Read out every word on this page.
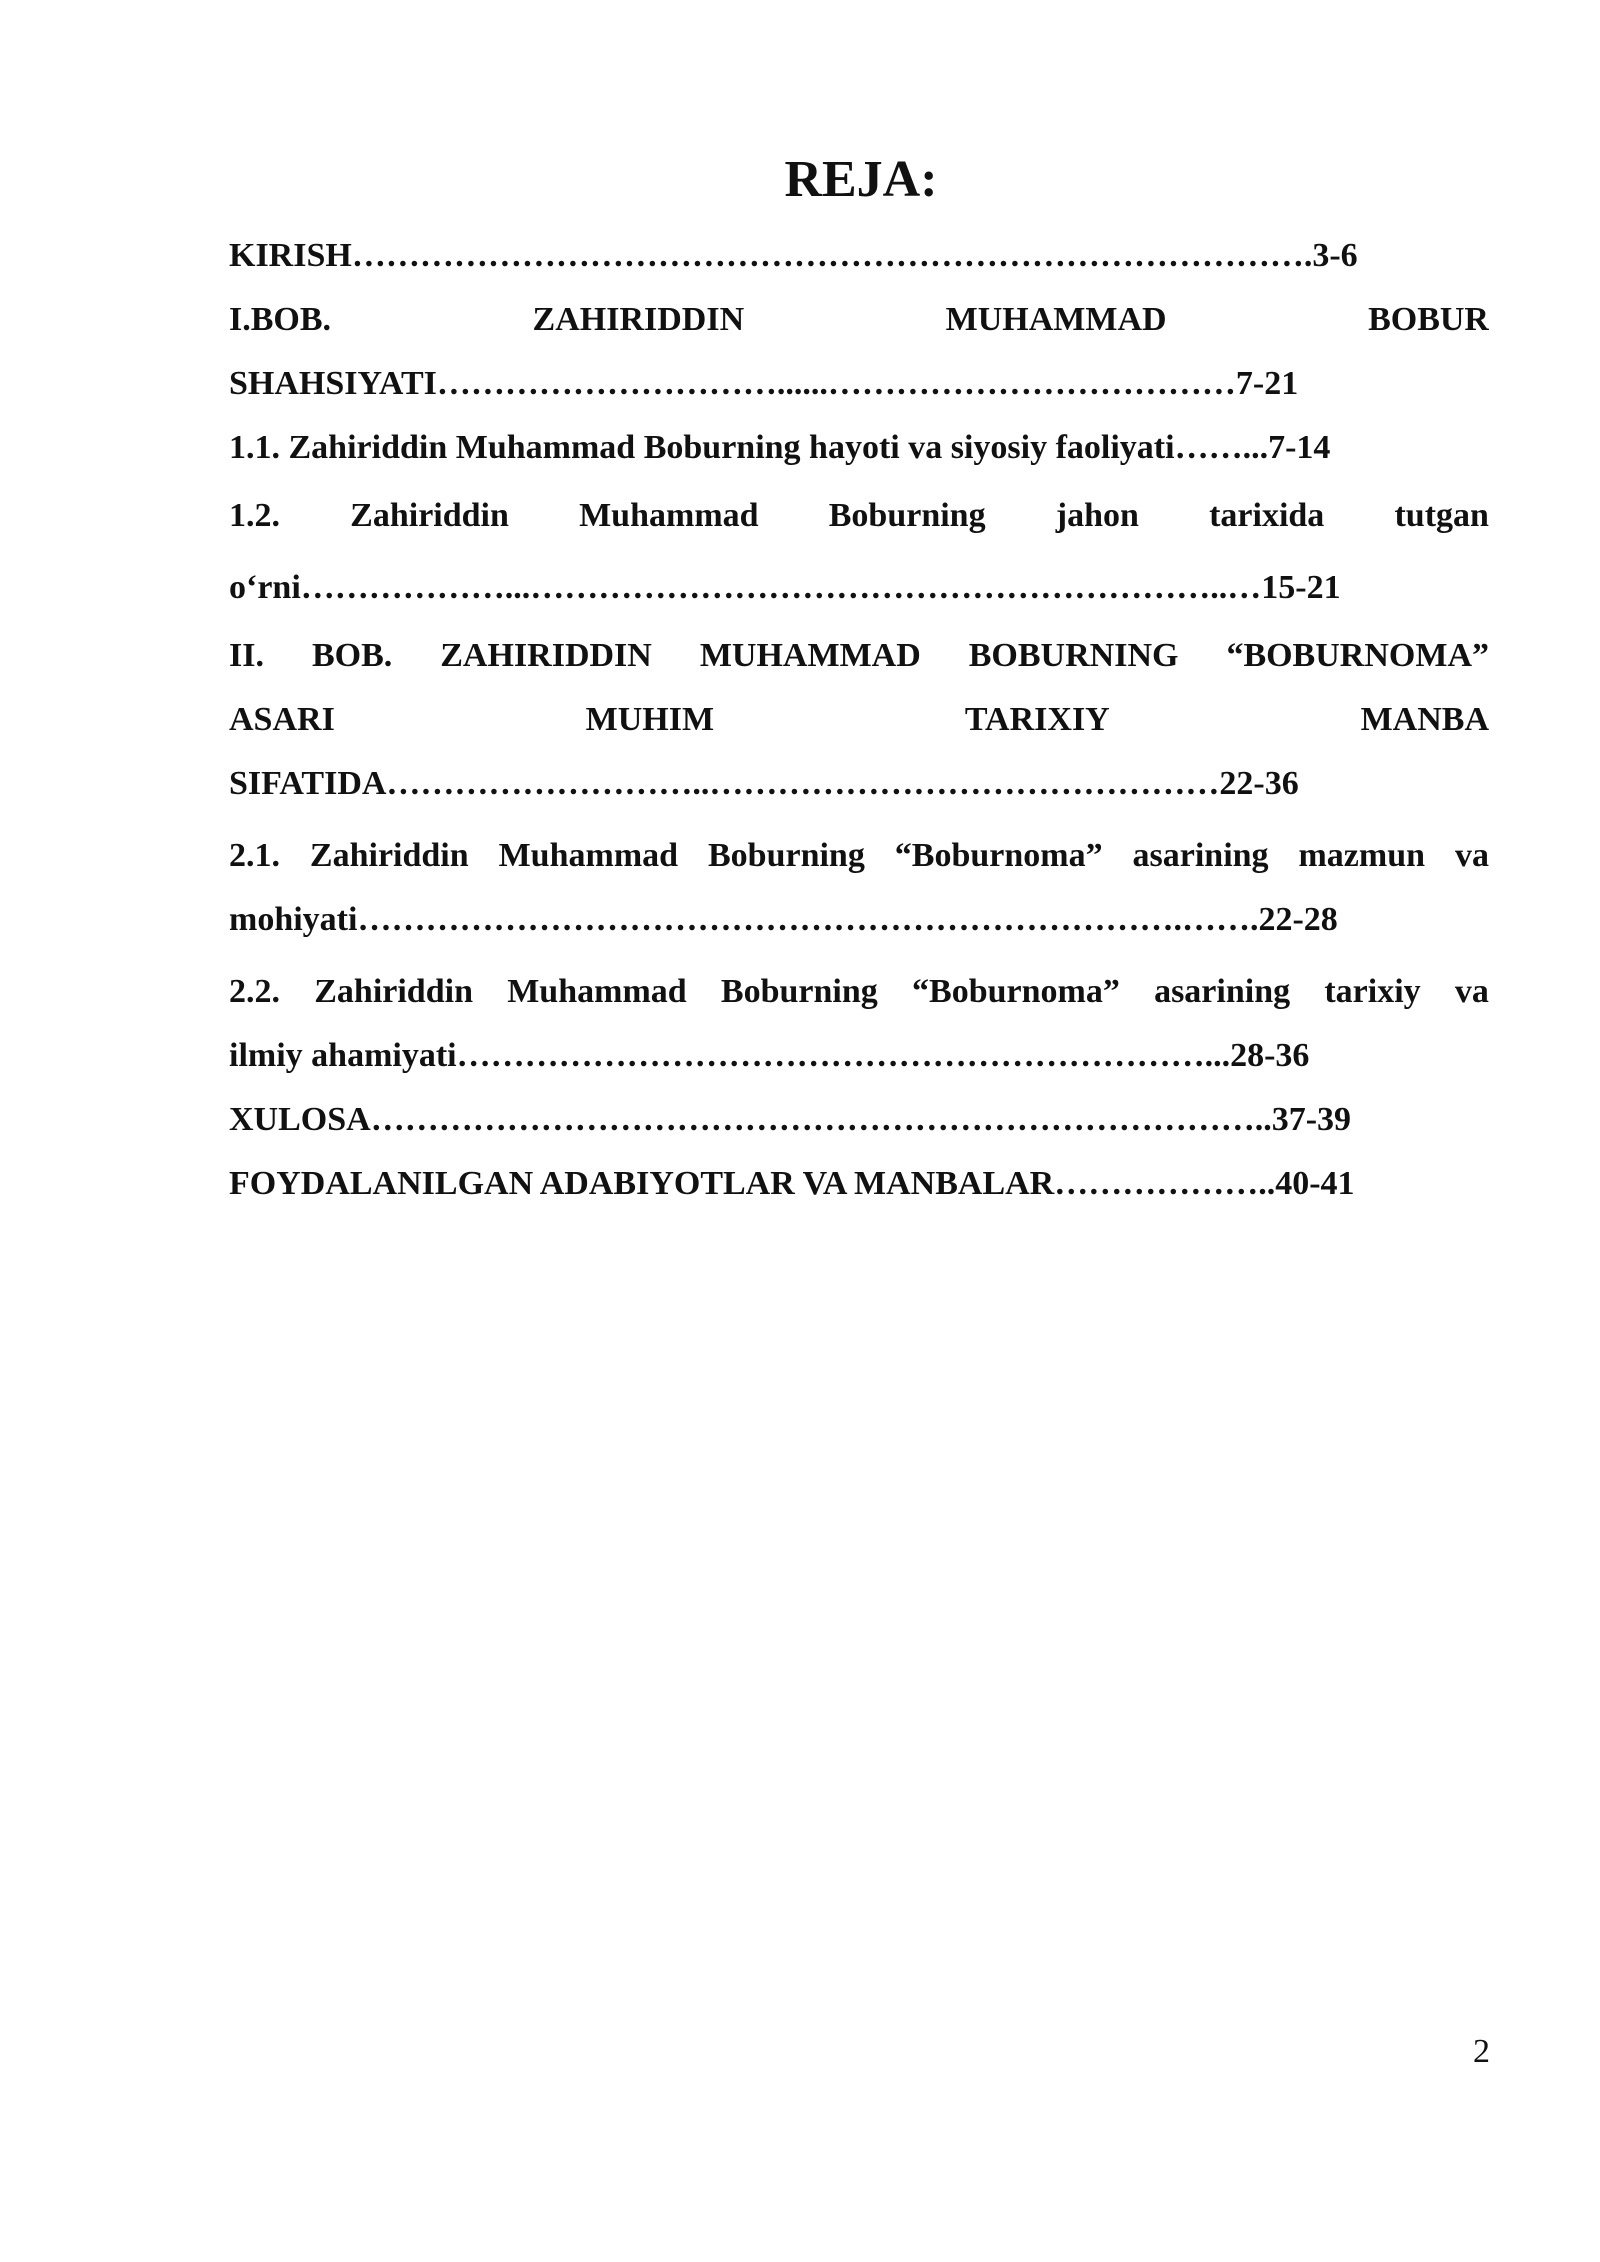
REJA:
KIRISH………………………………………………………………………….3-6
I.BOB.	ZAHIRIDDIN	MUHAMMAD	BOBUR
SHAHSIYATI…………………………......………………………………7-21
1.1. Zahiriddin Muhammad Boburning hayoti va siyosiy faoliyati……...7-14
1.2. Zahiriddin Muhammad Boburning jahon tarixida tutgan
o‘rni………………...……………………………………………………..…15-21
II. BOB. ZAHIRIDDIN MUHAMMAD BOBURNING “BOBURNOMA”
ASARI	MUHIM	TARIXIY	MANBA
SIFATIDA………………………..………………………………………22-36
2.1. Zahiriddin Muhammad Boburning “Boburnoma” asarining mazmun va
mohiyati……………………………………………………………….…….22-28
2.2. Zahiriddin Muhammad Boburning “Boburnoma” asarining tarixiy va
ilmiy ahamiyati…………………………………………………………...28-36
XULOSA……………………………………………………………………..37-39
FOYDALANILGAN ADABIYOTLAR VA MANBALAR………………..40-41
2
